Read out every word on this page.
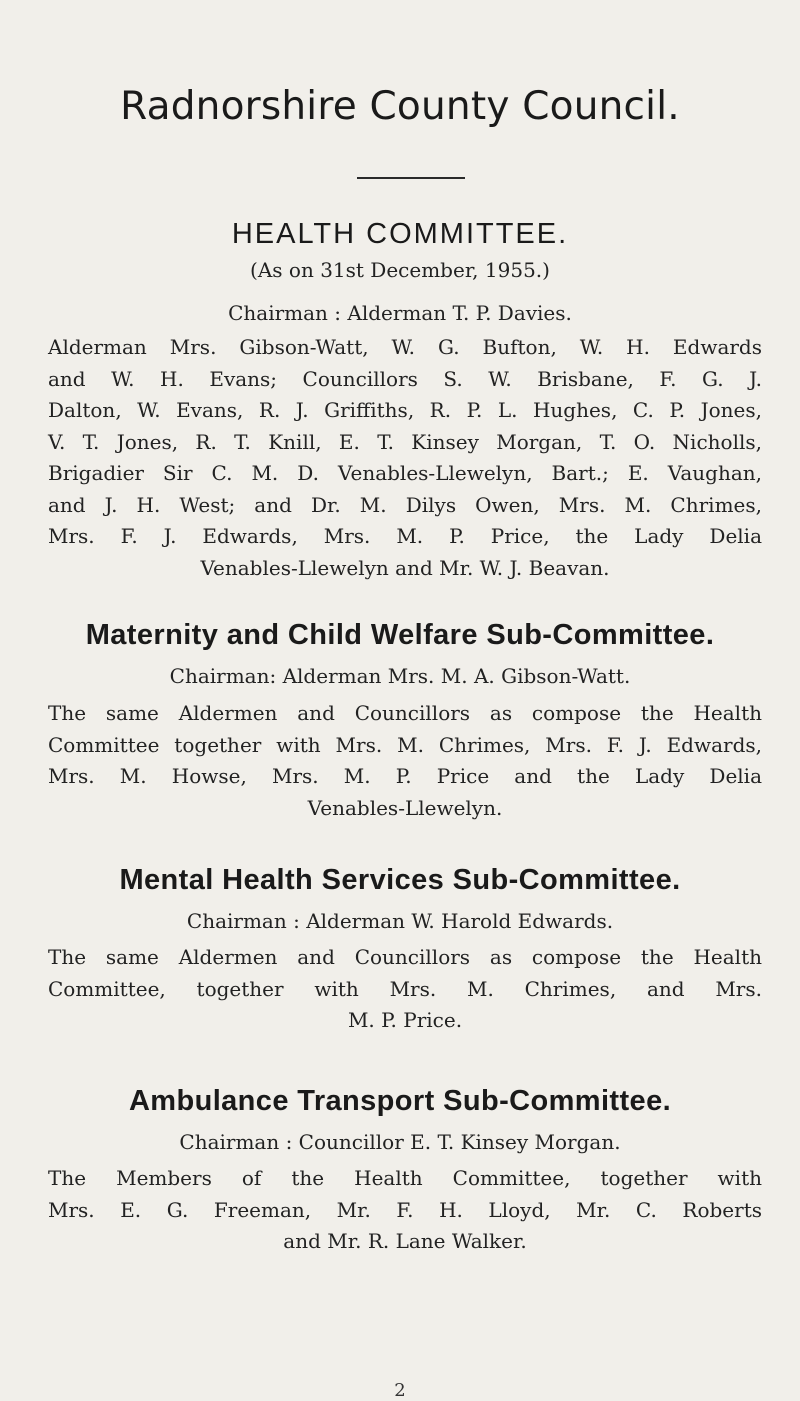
Radnorshire County Council.
HEALTH COMMITTEE.
(As on 31st December, 1955.)
Chairman : Alderman T. P. Davies.
Alderman Mrs. Gibson-Watt, W. G. Bufton, W. H. Edwards
and W. H. Evans; Councillors S. W. Brisbane, F. G. J.
Dalton, W. Evans, R. J. Griffiths, R. P. L. Hughes, C. P. Jones,
V. T. Jones, R. T. Knill, E. T. Kinsey Morgan, T. O. Nicholls,
Brigadier Sir C. M. D. Venables-Llewelyn, Bart.; E. Vaughan,
and J. H. West; and Dr. M. Dilys Owen, Mrs. M. Chrimes,
Mrs. F. J. Edwards, Mrs. M. P. Price, the Lady Delia
Venables-Llewelyn and Mr. W. J. Beavan.
Maternity and Child Welfare Sub-Committee.
Chairman: Alderman Mrs. M. A. Gibson-Watt.
The same Aldermen and Councillors as compose the Health
Committee together with Mrs. M. Chrimes, Mrs. F. J. Edwards,
Mrs. M. Howse, Mrs. M. P. Price and the Lady Delia
Venables-Llewelyn.
Mental Health Services Sub-Committee.
Chairman : Alderman W. Harold Edwards.
The same Aldermen and Councillors as compose the Health
Committee, together with Mrs. M. Chrimes, and Mrs.
M. P. Price.
Ambulance Transport Sub-Committee.
Chairman : Councillor E. T. Kinsey Morgan.
The Members of the Health Committee, together with
Mrs. E. G. Freeman, Mr. F. H. Lloyd, Mr. C. Roberts
and Mr. R. Lane Walker.
2
